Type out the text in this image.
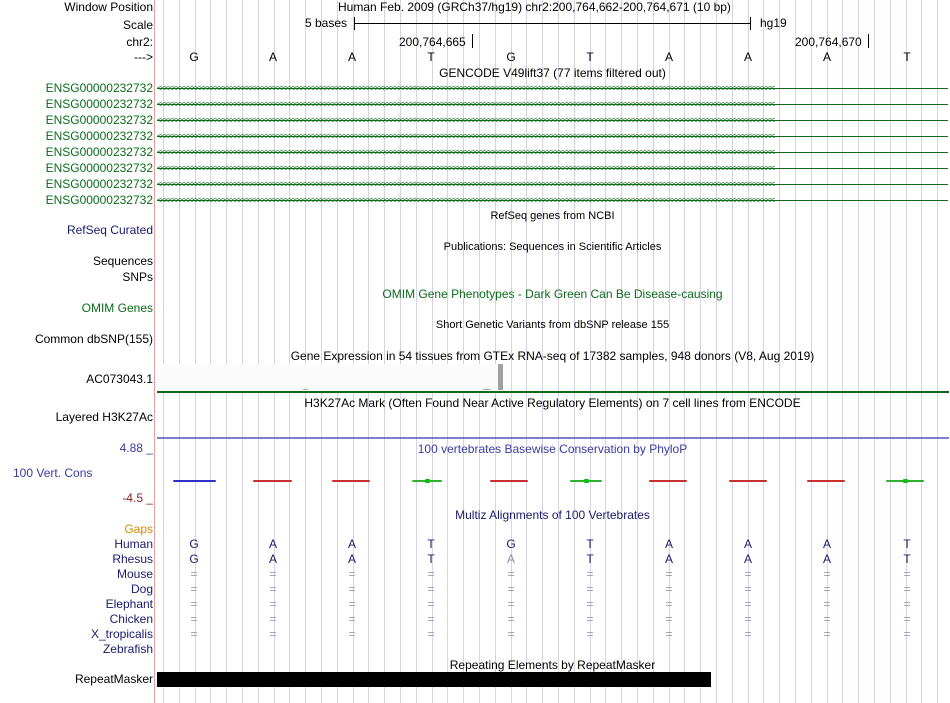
Window Position	Human Feb. 2009 (GRCh37/hg19) chr2:200,764,662-200,764,671 (10 bp)
Scale	5 bases	hg19
chr2:	200,764,665	200,764,670
--->	G	A	A	T	G	T	A	A	A	T
GENCODE V49lift37 (77 items filtered out)
ENSG00000232732 <<<<<<<<<<<<<<<<<<<<<<<<<<<<<<<<<<<<<<<<<<<<<<<<<<<<<<<<<<<<<<<<<<<<<<<<<<<<<<<<<<<<<<<<<<<<<<<<<<<<<<<<<<<<<<<<<<<<<<<<<<<<<<<<<<<<<<<<<<<<<<<<<<<<<<<<<<<<<<
ENSG00000232732 <<<<<<<<<<<<<<<<<<<<<<<<<<<<<<<<<<<<<<<<<<<<<<<<<<<<<<<<<<<<<<<<<<<<<<<<<<<<<<<<<<<<<<<<<<<<<<<<<<<<<<<<<<<<<<<<<<<<<<<<<<<<<<<<<<<<<<<<<<<<<<<<<<<<<<<<<<<<<<
ENSG00000232732 <<<<<<<<<<<<<<<<<<<<<<<<<<<<<<<<<<<<<<<<<<<<<<<<<<<<<<<<<<<<<<<<<<<<<<<<<<<<<<<<<<<<<<<<<<<<<<<<<<<<<<<<<<<<<<<<<<<<<<<<<<<<<<<<<<<<<<<<<<<<<<<<<<<<<<<<<<<<<<
ENSG00000232732 <<<<<<<<<<<<<<<<<<<<<<<<<<<<<<<<<<<<<<<<<<<<<<<<<<<<<<<<<<<<<<<<<<<<<<<<<<<<<<<<<<<<<<<<<<<<<<<<<<<<<<<<<<<<<<<<<<<<<<<<<<<<<<<<<<<<<<<<<<<<<<<<<<<<<<<<<<<<<<
ENSG00000232732 <<<<<<<<<<<<<<<<<<<<<<<<<<<<<<<<<<<<<<<<<<<<<<<<<<<<<<<<<<<<<<<<<<<<<<<<<<<<<<<<<<<<<<<<<<<<<<<<<<<<<<<<<<<<<<<<<<<<<<<<<<<<<<<<<<<<<<<<<<<<<<<<<<<<<<<<<<<<<<
ENSG00000232732 <<<<<<<<<<<<<<<<<<<<<<<<<<<<<<<<<<<<<<<<<<<<<<<<<<<<<<<<<<<<<<<<<<<<<<<<<<<<<<<<<<<<<<<<<<<<<<<<<<<<<<<<<<<<<<<<<<<<<<<<<<<<<<<<<<<<<<<<<<<<<<<<<<<<<<<<<<<<<<
ENSG00000232732 <<<<<<<<<<<<<<<<<<<<<<<<<<<<<<<<<<<<<<<<<<<<<<<<<<<<<<<<<<<<<<<<<<<<<<<<<<<<<<<<<<<<<<<<<<<<<<<<<<<<<<<<<<<<<<<<<<<<<<<<<<<<<<<<<<<<<<<<<<<<<<<<<<<<<<<<<<<<<<
ENSG00000232732 <<<<<<<<<<<<<<<<<<<<<<<<<<<<<<<<<<<<<<<<<<<<<<<<<<<<<<<<<<<<<<<<<<<<<<<<<<<<<<<<<<<<<<<<<<<<<<<<<<<<<<<<<<<<<<<<<<<<<<<<<<<<<<<<<<<<<<<<<<<<<<<<<<<<<<<<<<<<<<
RefSeq genes from NCBI
RefSeq Curated
Publications: Sequences in Scientific Articles
Sequences
SNPs
OMIM Gene Phenotypes - Dark Green Can Be Disease-causing
OMIM Genes
Short Genetic Variants from dbSNP release 155
Common dbSNP(155)
Gene Expression in 54 tissues from GTEx RNA-seq of 17382 samples, 948 donors (V8, Aug 2019)
AC073043.1
H3K27Ac Mark (Often Found Near Active Regulatory Elements) on 7 cell lines from ENCODE
Layered H3K27Ac
100 vertebrates Basewise Conservation by PhyloP
4.88 _
100 Vert. Cons
-4.5 _
Multiz Alignments of 100 Vertebrates
Gaps
Human	G	A	A	T	G	T	A	A	A	T
Rhesus	G	A	A	T	A	T	A	A	A	T
Mouse	=	=	=	=	=	=	=	=	=	=
Dog	=	=	=	=	=	=	=	=	=	=
Elephant	=	=	=	=	=	=	=	=	=	=
Chicken	=	=	=	=	=	=	=	=	=	=
X_tropicalis	=	=	=	=	=	=	=	=	=	=
Zebrafish
Repeating Elements by RepeatMasker
RepeatMasker
